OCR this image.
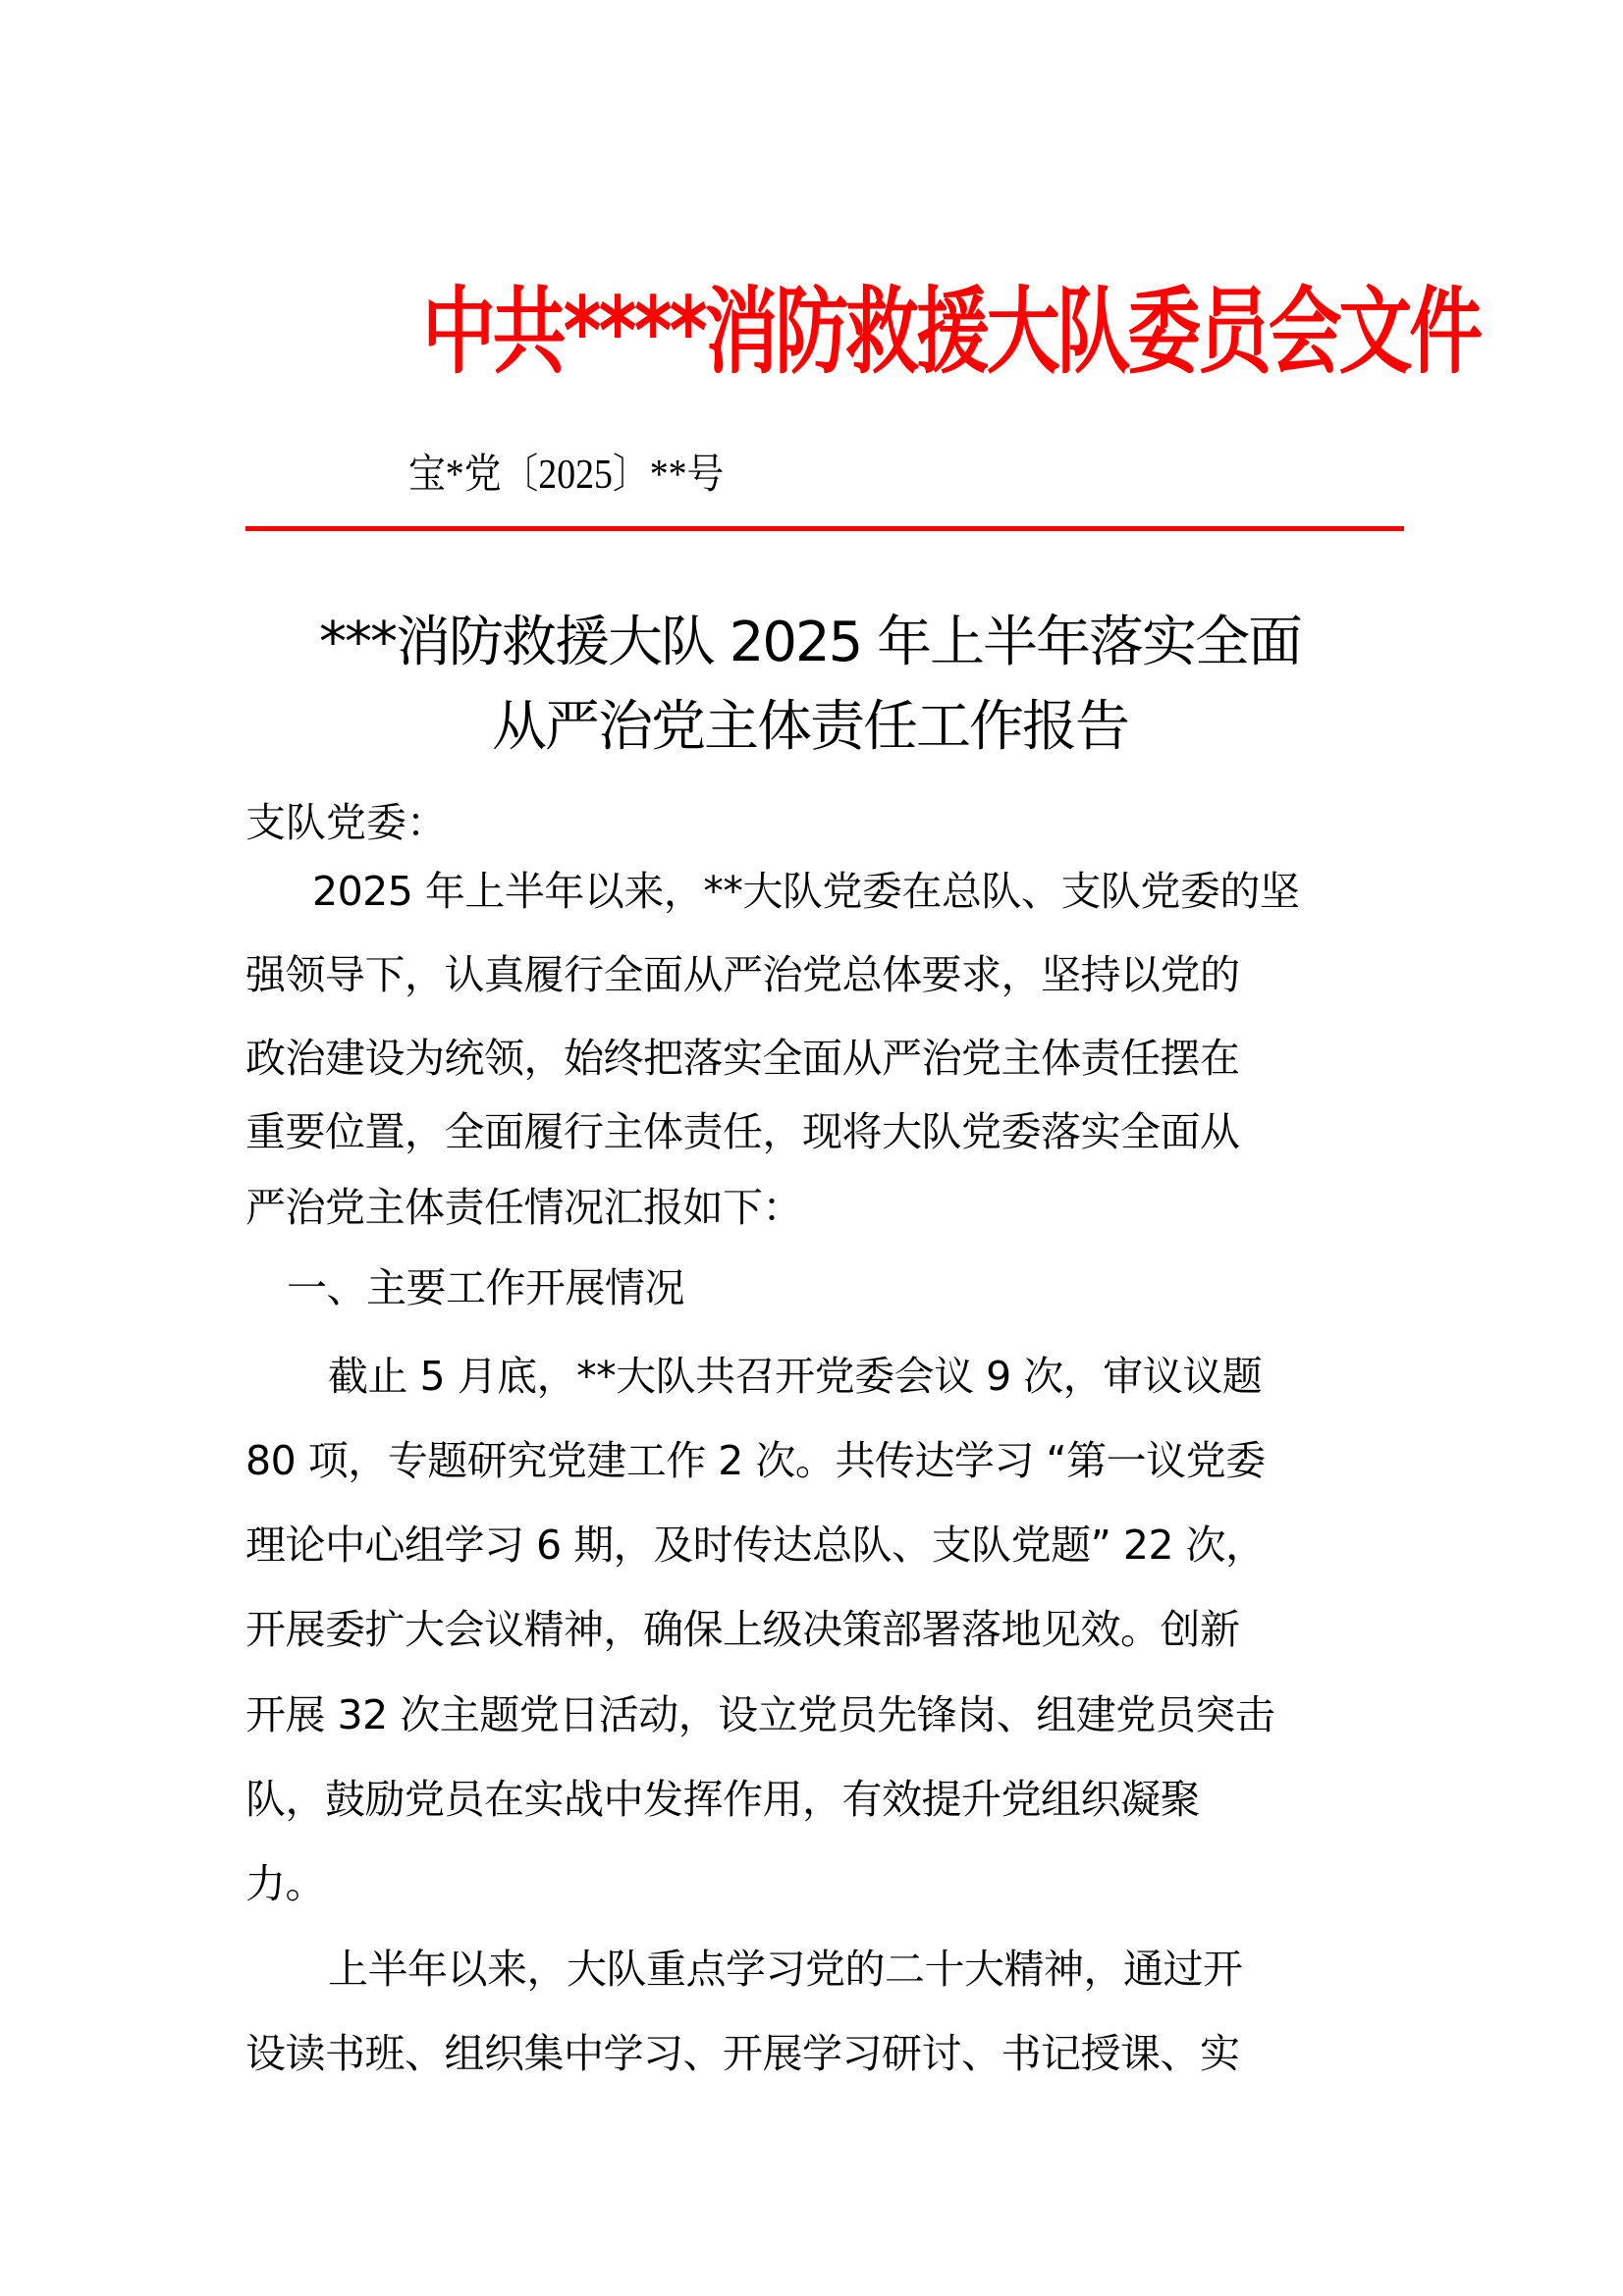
中共****消防救援大队委员会文件
宝*党〔2025〕**号
***消防救援大队 2025 年上半年落实全面
从严治党主体责任工作报告
支队党委：
2025 年上半年以来，**大队党委在总队、支队党委的坚
强领导下，认真履行全面从严治党总体要求，坚持以党的
政治建设为统领，始终把落实全面从严治党主体责任摆在
重要位置，全面履行主体责任，现将大队党委落实全面从
严治党主体责任情况汇报如下：
一、主要工作开展情况
截止 5 月底，**大队共召开党委会议 9 次，审议议题
80 项，专题研究党建工作 2 次。共传达学习 “第一议党委
理论中心组学习 6 期，及时传达总队、支队党题” 22 次，
开展委扩大会议精神，确保上级决策部署落地见效。创新
开展 32 次主题党日活动，设立党员先锋岗、组建党员突击
队，鼓励党员在实战中发挥作用，有效提升党组织凝聚
力。
上半年以来，大队重点学习党的二十大精神，通过开
设读书班、组织集中学习、开展学习研讨、书记授课、实
